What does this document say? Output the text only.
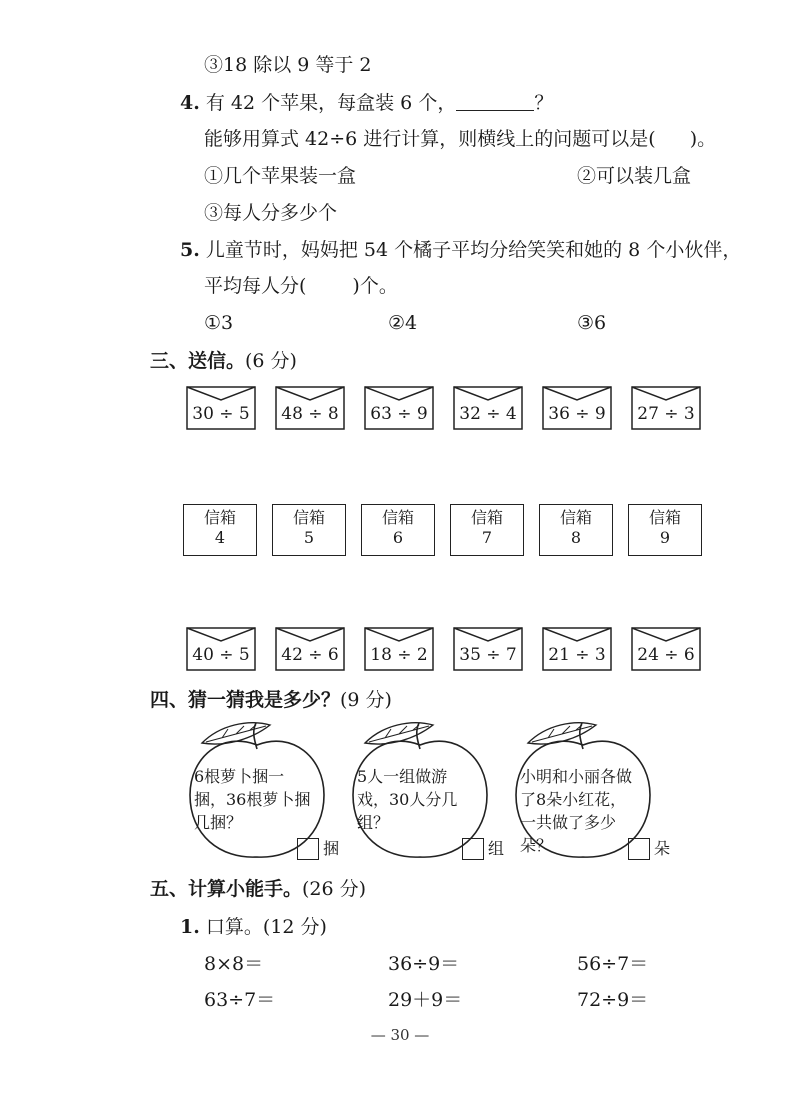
③18 除以 9 等于 2
4. 有 42 个苹果，每盒装 6 个，	？
能够用算式 42÷6 进行计算，则横线上的问题可以是( )。
①几个苹果装一盒	②可以装几盒
③每人分多少个
5. 儿童节时，妈妈把 54 个橘子平均分给笑笑和她的 8 个小伙伴，
平均每人分( )个。
①3	②4	③6
三、送信。(6 分)
30 ÷ 5	48 ÷ 8	63 ÷ 9	32 ÷ 4	36 ÷ 9	27 ÷ 3
信箱
4
信箱
5
信箱
6
信箱
7
信箱
8
信箱
9
40 ÷ 5	42 ÷ 6	18 ÷ 2	35 ÷ 7	21 ÷ 3	24 ÷ 6
四、猜一猜我是多少？(9 分)
6根萝卜捆一捆，36根萝卜捆几捆？
捆
5人一组做游戏，30人分几组？
组
小明和小丽各做了8朵小红花，一共做了多少朵？	朵
五、计算小能手。(26 分)
1. 口算。(12 分)
8×8＝	36÷9＝	56÷7＝
63÷7＝	29＋9＝	72÷9＝
— 30 —
